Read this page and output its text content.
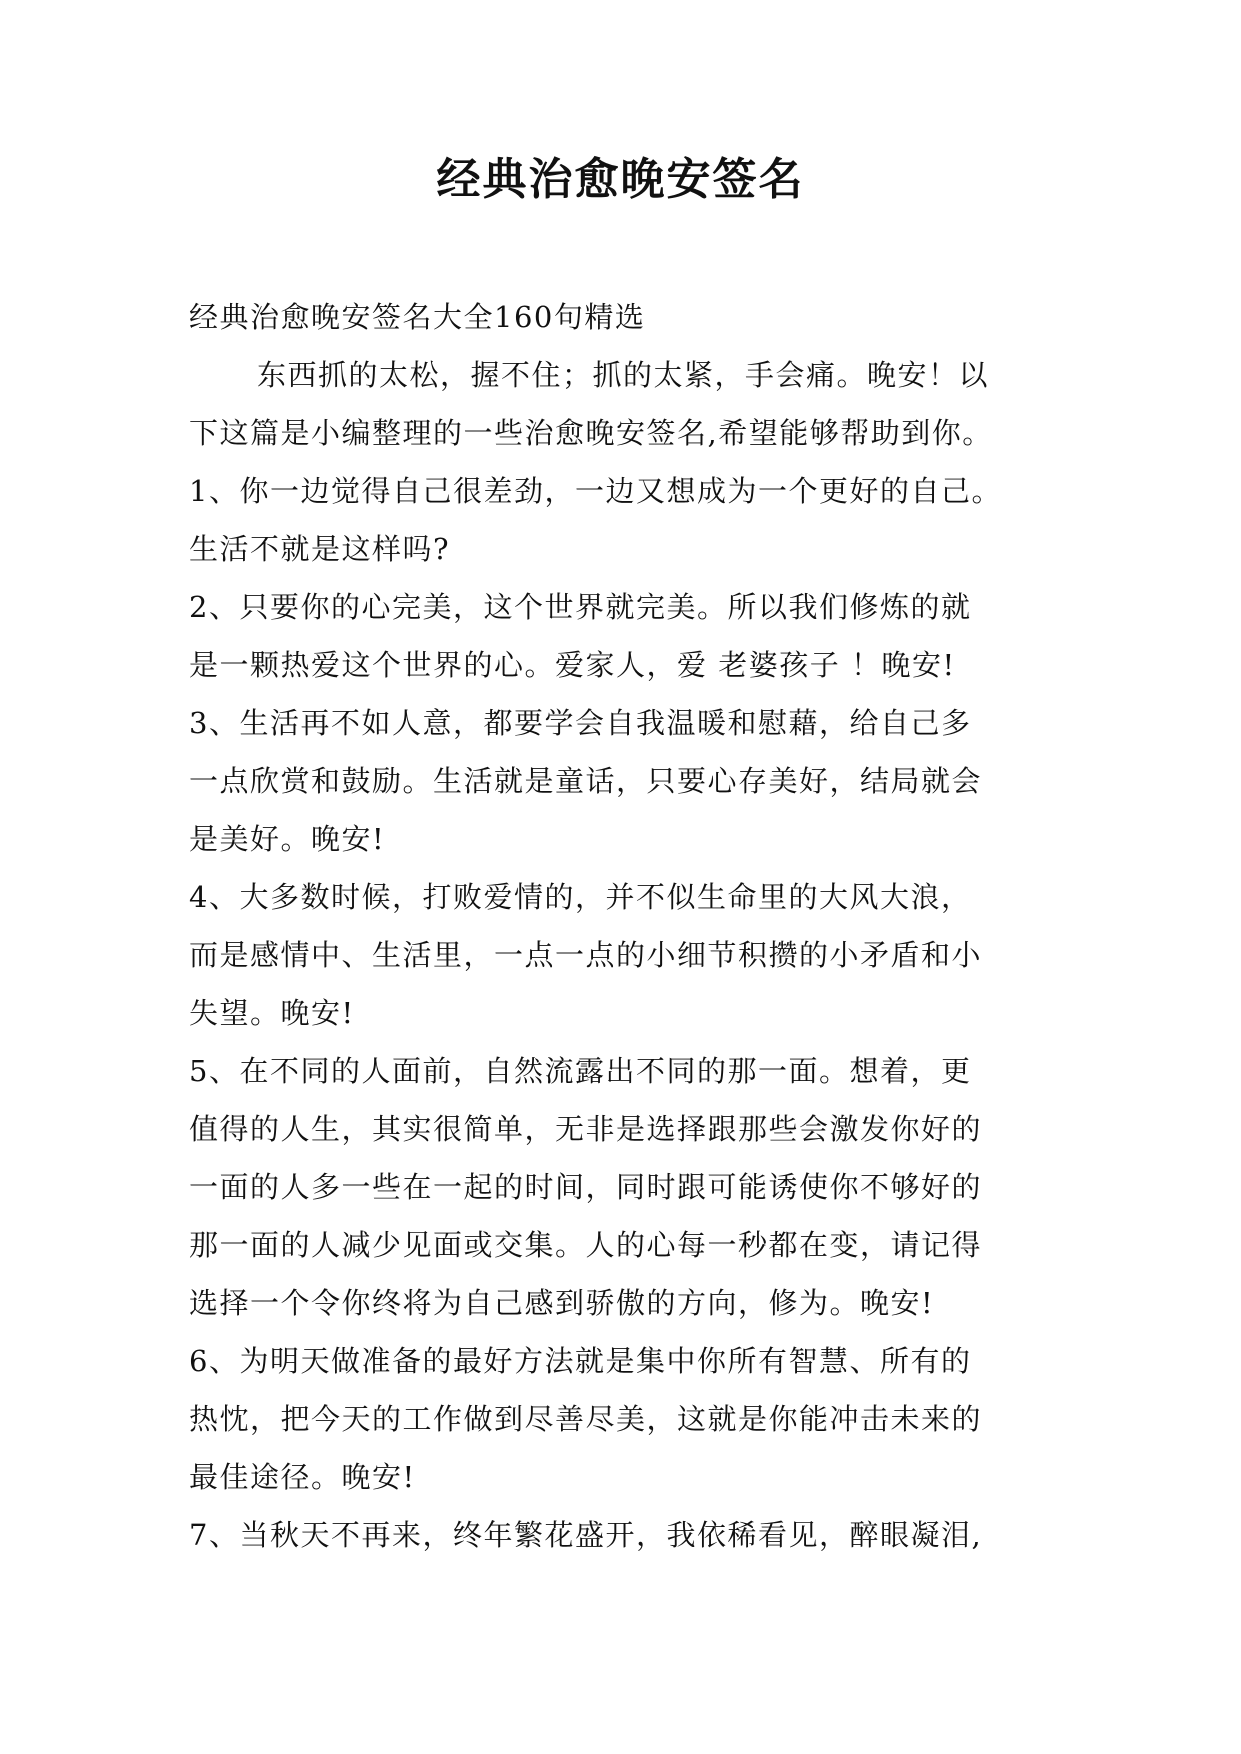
经典治愈晚安签名

经典治愈晚安签名大全160句精选

东西抓的太松，握不住；抓的太紧，手会痛。晚安！以

下这篇是小编整理的一些治愈晚安签名,希望能够帮助到你。

1、你一边觉得自己很差劲，一边又想成为一个更好的自己。

生活不就是这样吗?

2、只要你的心完美，这个世界就完美。所以我们修炼的就

是一颗热爱这个世界的心。爱家人，爱 老婆孩子 ！晚安!

3、生活再不如人意，都要学会自我温暖和慰藉，给自己多

一点欣赏和鼓励。生活就是童话，只要心存美好，结局就会

是美好。晚安!

4、大多数时候，打败爱情的，并不似生命里的大风大浪，

而是感情中、生活里，一点一点的小细节积攒的小矛盾和小

失望。晚安!

5、在不同的人面前，自然流露出不同的那一面。想着，更

值得的人生，其实很简单，无非是选择跟那些会激发你好的

一面的人多一些在一起的时间，同时跟可能诱使你不够好的

那一面的人减少见面或交集。人的心每一秒都在变，请记得

选择一个令你终将为自己感到骄傲的方向，修为。晚安!

6、为明天做准备的最好方法就是集中你所有智慧、所有的

热忱，把今天的工作做到尽善尽美，这就是你能冲击未来的

最佳途径。晚安!

7、当秋天不再来，终年繁花盛开，我依稀看见，醉眼凝泪,
